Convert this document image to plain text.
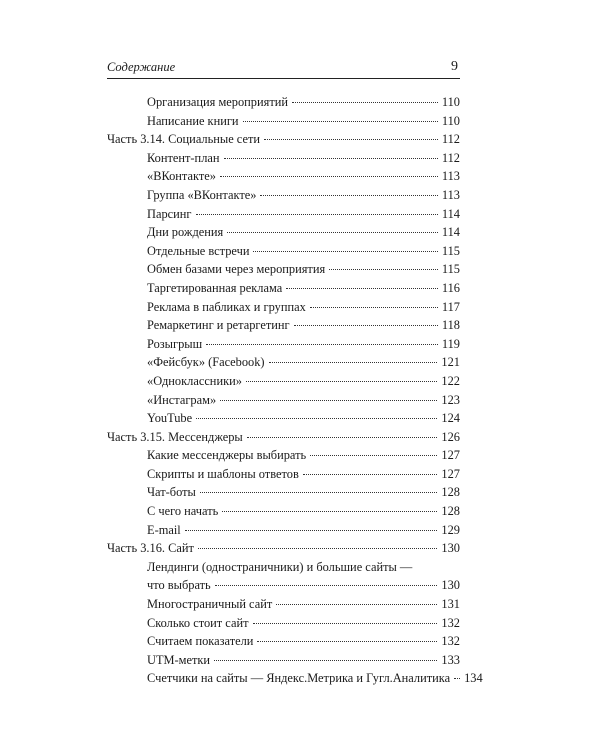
Содержание	9
Организация мероприятий	110
Написание книги	110
Часть 3.14. Социальные сети	112
Контент-план	112
«ВКонтакте»	113
Группа «ВКонтакте»	113
Парсинг	114
Дни рождения	114
Отдельные встречи	115
Обмен базами через мероприятия	115
Таргетированная реклама	116
Реклама в пабликах и группах	117
Ремаркетинг и ретаргетинг	118
Розыгрыш	119
«Фейсбук» (Facebook)	121
«Одноклассники»	122
«Инстаграм»	123
YouTube	124
Часть 3.15. Мессенджеры	126
Какие мессенджеры выбирать	127
Скрипты и шаблоны ответов	127
Чат-боты	128
С чего начать	128
E-mail	129
Часть 3.16. Сайт	130
Лендинги (одностраничники) и большие сайты —
что выбрать	130
Многостраничный сайт	131
Сколько стоит сайт	132
Считаем показатели	132
UTM-метки	133
Счетчики на сайты — Яндекс.Метрика и Гугл.Аналитика 134
